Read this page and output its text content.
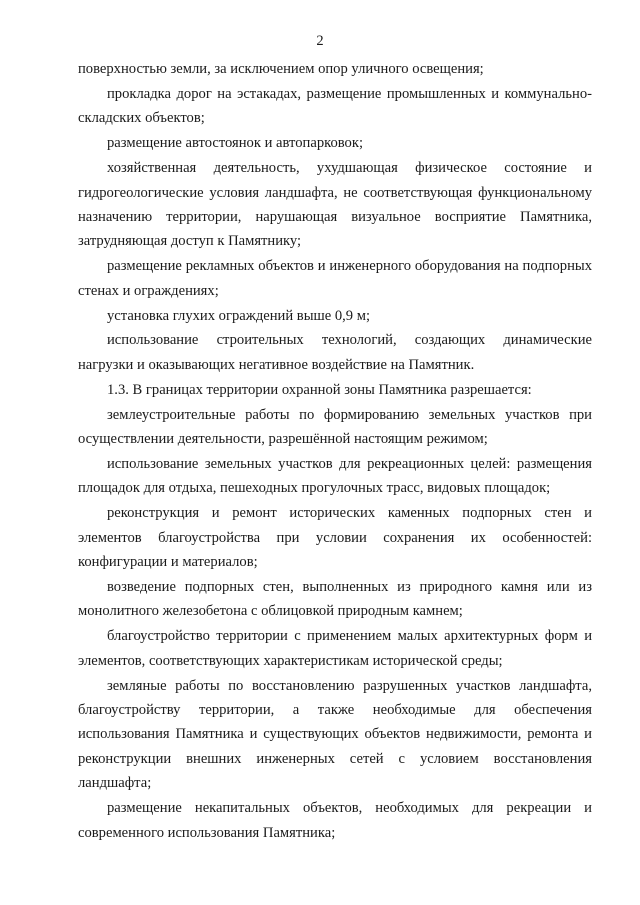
2

поверхностью земли, за исключением опор уличного освещения;

прокладка дорог на эстакадах, размещение промышленных и коммунально-складских объектов;

размещение автостоянок и автопарковок;

хозяйственная деятельность, ухудшающая физическое состояние и гидрогеологические условия ландшафта, не соответствующая функциональному назначению территории, нарушающая визуальное восприятие Памятника, затрудняющая доступ к Памятнику;

размещение рекламных объектов и инженерного оборудования на подпорных стенах и ограждениях;

установка глухих ограждений выше 0,9 м;

использование строительных технологий, создающих динамические нагрузки и оказывающих негативное воздействие на Памятник.

1.3. В границах территории охранной зоны Памятника разрешается:

землеустроительные работы по формированию земельных участков при осуществлении деятельности, разрешённой настоящим режимом;

использование земельных участков для рекреационных целей: размещения площадок для отдыха, пешеходных прогулочных трасс, видовых площадок;

реконструкция и ремонт исторических каменных подпорных стен и элементов благоустройства при условии сохранения их особенностей: конфигурации и материалов;

возведение подпорных стен, выполненных из природного камня или из монолитного железобетона с облицовкой природным камнем;

благоустройство территории с применением малых архитектурных форм и элементов, соответствующих характеристикам исторической среды;

земляные работы по восстановлению разрушенных участков ландшафта, благоустройству территории, а также необходимые для обеспечения использования Памятника и существующих объектов недвижимости, ремонта и реконструкции внешних инженерных сетей с условием восстановления ландшафта;

размещение некапитальных объектов, необходимых для рекреации и современного использования Памятника;
